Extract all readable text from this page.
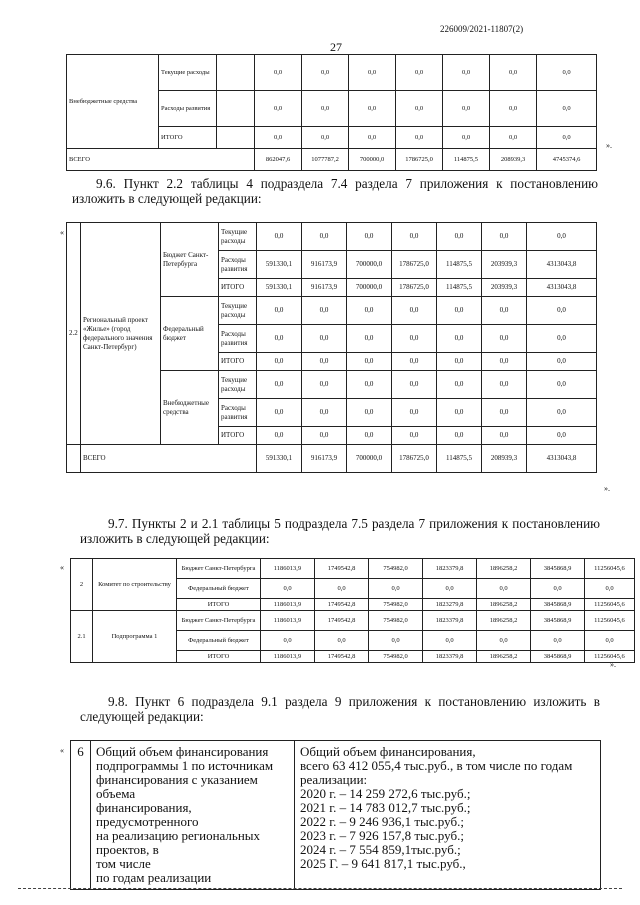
226009/2021-11807(2)
27
Внебюджетные средства	Текущие расходы		0,0	0,0	0,0	0,0	0,0	0,0	0,0
	Расходы развития		0,0	0,0	0,0	0,0	0,0	0,0	0,0
	ИТОГО		0,0	0,0	0,0	0,0	0,0	0,0	0,0
ВСЕГО			862047,6	1077787,2	700000,0	1786725,0	114875,5	208939,3	4745374,6
».
9.6. Пункт 2.2 таблицы 4 подраздела 7.4 раздела 7 приложения к постановлению изложить в следующей редакции:
«
2.2	Региональный проект «Жилье» (город федерального значения Санкт-Петербург)	Бюджет Санкт-Петербурга	Текущие расходы	0,0	0,0	0,0	0,0	0,0	0,0	0,0
			Расходы развития	591330,1	916173,9	700000,0	1786725,0	114875,5	203939,3	4313043,8
			ИТОГО	591330,1	916173,9	700000,0	1786725,0	114875,5	203939,3	4313043,8
		Федеральный бюджет	Текущие расходы	0,0	0,0	0,0	0,0	0,0	0,0	0,0
			Расходы развития	0,0	0,0	0,0	0,0	0,0	0,0	0,0
			ИТОГО	0,0	0,0	0,0	0,0	0,0	0,0	0,0
		Внебюджетные средства	Текущие расходы	0,0	0,0	0,0	0,0	0,0	0,0	0,0
			Расходы развития	0,0	0,0	0,0	0,0	0,0	0,0	0,0
			ИТОГО	0,0	0,0	0,0	0,0	0,0	0,0	0,0
	ВСЕГО			591330,1	916173,9	700000,0	1786725,0	114875,5	208939,3	4313043,8
».
9.7. Пункты 2 и 2.1 таблицы 5 подраздела 7.5 раздела 7 приложения к постановлению изложить в следующей редакции:
«
2	Комитет по строительству	Бюджет Санкт-Петербурга	1186013,9	1749542,8	754982,0	1823379,8	1896258,2	3845868,9	11256045,6
		Федеральный бюджет	0,0	0,0	0,0	0,0	0,0	0,0	0,0
		ИТОГО	1186013,9	1749542,8	754982,0	1823279,8	1896258,2	3845868,9	11256045,6
2.1	Подпрограмма 1	Бюджет Санкт-Петербурга	1186013,9	1749542,8	754982,0	1823379,8	1896258,2	3845868,9	11256045,6
		Федеральный бюджет	0,0	0,0	0,0	0,0	0,0	0,0	0,0
		ИТОГО	1186013,9	1749542,8	754982,0	1823379,8	1896258,2	3845868,9	11256045,6
».
9.8. Пункт 6 подраздела 9.1 раздела 9 приложения к постановлению изложить в следующей редакции:
« 6	Общий объем финансирования
подпрограммы 1 по источникам
финансирования с указанием объема
финансирования, предусмотренного
на реализацию региональных проектов, в
том числе
по годам реализации

Общий объем финансирования,
всего 63 412 055,4 тыс.руб., в том числе по годам реализации:
2020 г. – 14 259 272,6 тыс.руб.;
2021 г. – 14 783 012,7 тыс.руб.;
2022 г. – 9 246 936,1 тыс.руб.;
2023 г. – 7 926 157,8 тыс.руб.;
2024 г. – 7 554 859,1тыс.руб.;
2025 Г. – 9 641 817,1 тыс.руб.,
